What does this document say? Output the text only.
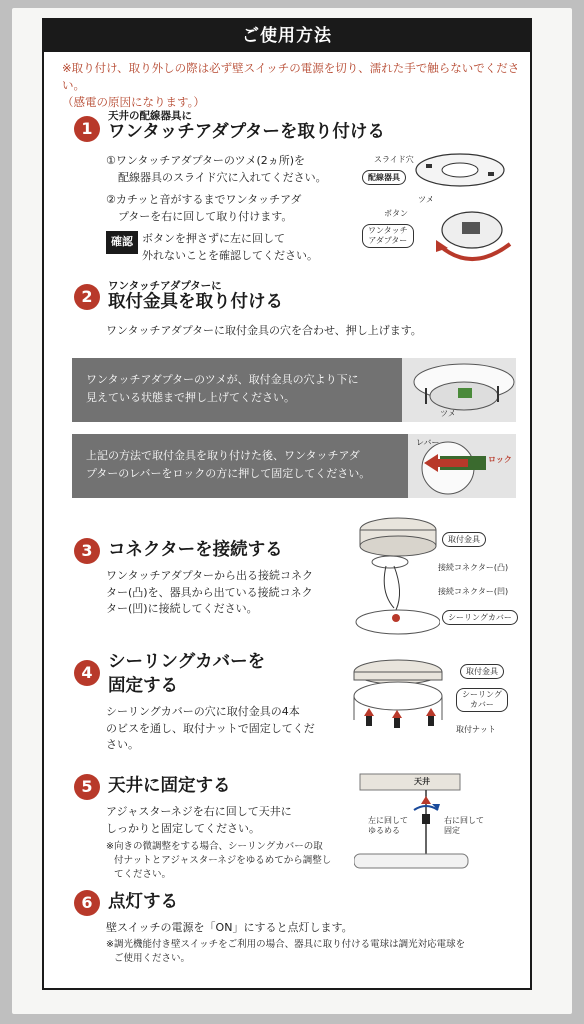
ご使用方法
※取り付け、取り外しの際は必ず壁スイッチの電源を切り、濡れた手で触らないでください。
（感電の原因になります。）
1
天井の配線器具に
ワンタッチアダプターを取り付ける
①ワンタッチアダプターのツメ(2ヵ所)を
配線器具のスライド穴に入れてください。
②カチッと音がするまでワンタッチアダ
プターを右に回して取り付けます。
確認 ボタンを押さずに左に回して
外れないことを確認してください。
スライド穴
配線器具
ツメ
ボタン
ワンタッチ
アダプター
2
ワンタッチアダプターに
取付金具を取り付ける
ワンタッチアダプターに取付金具の穴を合わせ、押し上げます。
ワンタッチアダプターのツメが、取付金具の穴より下に
見えている状態まで押し上げてください。
ツメ
上記の方法で取付金具を取り付けた後、ワンタッチアダ
プターのレバーをロックの方に押して固定してください。
レバー
ロック
3 コネクターを接続する
ワンタッチアダプターから出る接続コネク
ター(凸)を、器具から出ている接続コネク
ター(凹)に接続してください。
取付金具
接続コネクター(凸)
接続コネクター(凹)
シーリングカバー
4
シーリングカバーを
固定する
シーリングカバーの穴に取付金具の4本
のビスを通し、取付ナットで固定してくだ
さい。
取付金具
シーリング
カバー
取付ナット
5 天井に固定する
アジャスターネジを右に回して天井に
しっかりと固定してください。
※向きの微調整をする場合、シーリングカバーの取
付ナットとアジャスターネジをゆるめてから調整し
てください。
天井
左に回して
ゆるめる
右に回して
固定
6 点灯する
壁スイッチの電源を「ON」にすると点灯します。
※調光機能付き壁スイッチをご利用の場合、器具に取り付ける電球は調光対応電球を
ご使用ください。
